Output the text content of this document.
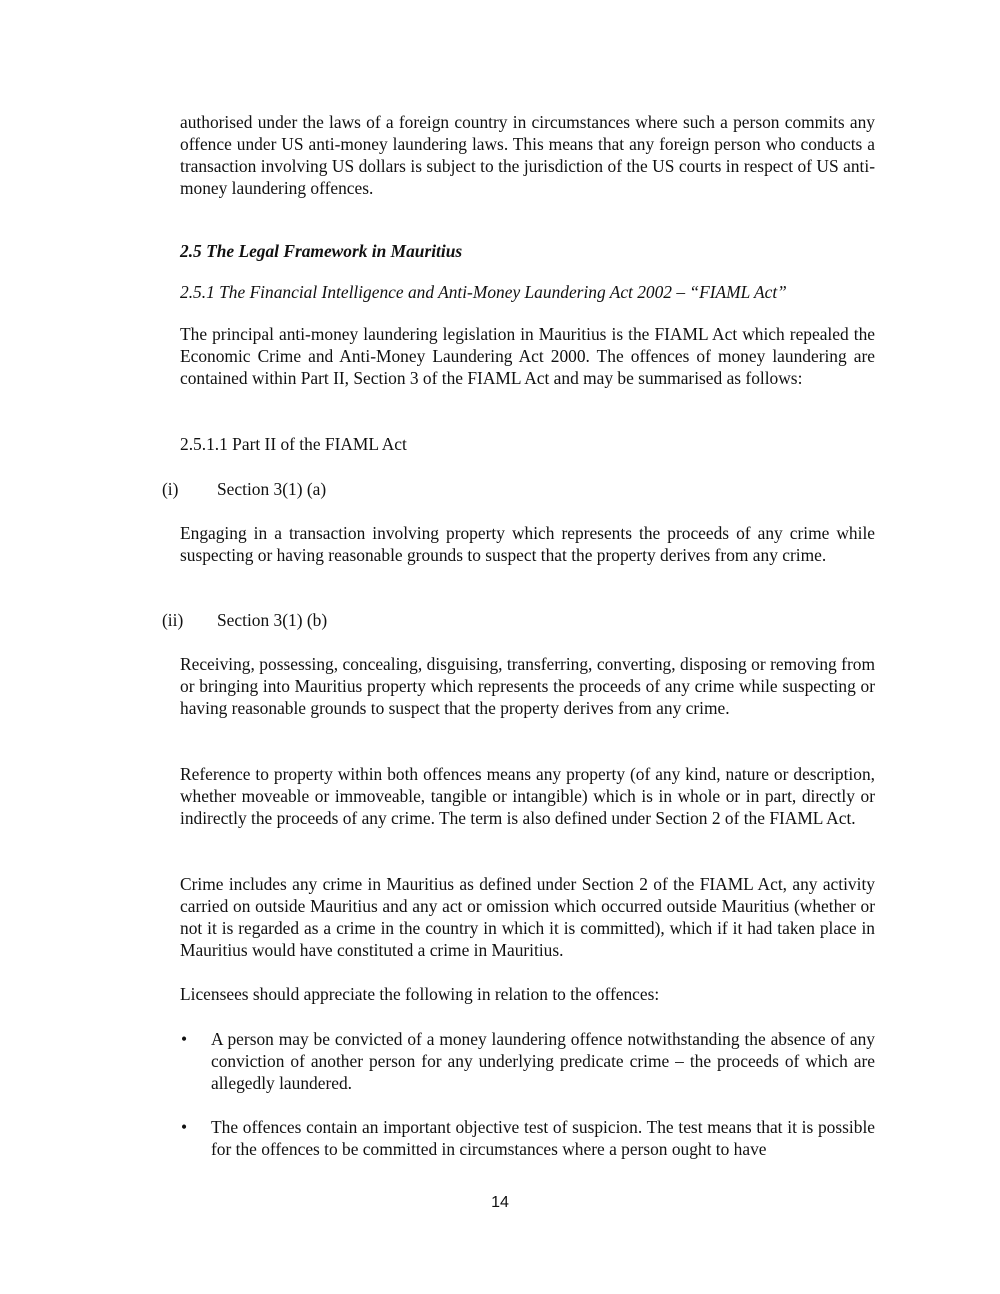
authorised under the laws of a foreign country in circumstances where such a person commits any offence under US anti-money laundering laws. This means that any foreign person who conducts a transaction involving US dollars is subject to the jurisdiction of the US courts in respect of US anti-money laundering offences.

2.5 The Legal Framework in Mauritius

2.5.1 The Financial Intelligence and Anti-Money Laundering Act 2002 – “FIAML Act”

The principal anti-money laundering legislation in Mauritius is the FIAML Act which repealed the Economic Crime and Anti-Money Laundering Act 2000. The offences of money laundering are contained within Part II, Section 3 of the FIAML Act and may be summarised as follows:

2.5.1.1 Part II of the FIAML Act

(i) Section 3(1) (a)

Engaging in a transaction involving property which represents the proceeds of any crime while suspecting or having reasonable grounds to suspect that the property derives from any crime.

(ii) Section 3(1) (b)

Receiving, possessing, concealing, disguising, transferring, converting, disposing or removing from or bringing into Mauritius property which represents the proceeds of any crime while suspecting or having reasonable grounds to suspect that the property derives from any crime.

Reference to property within both offences means any property (of any kind, nature or description, whether moveable or immoveable, tangible or intangible) which is in whole or in part, directly or indirectly the proceeds of any crime. The term is also defined under Section 2 of the FIAML Act.

Crime includes any crime in Mauritius as defined under Section 2 of the FIAML Act, any activity carried on outside Mauritius and any act or omission which occurred outside Mauritius (whether or not it is regarded as a crime in the country in which it is committed), which if it had taken place in Mauritius would have constituted a crime in Mauritius.

Licensees should appreciate the following in relation to the offences:

• A person may be convicted of a money laundering offence notwithstanding the absence of any conviction of another person for any underlying predicate crime – the proceeds of which are allegedly laundered.

• The offences contain an important objective test of suspicion. The test means that it is possible for the offences to be committed in circumstances where a person ought to have

14
